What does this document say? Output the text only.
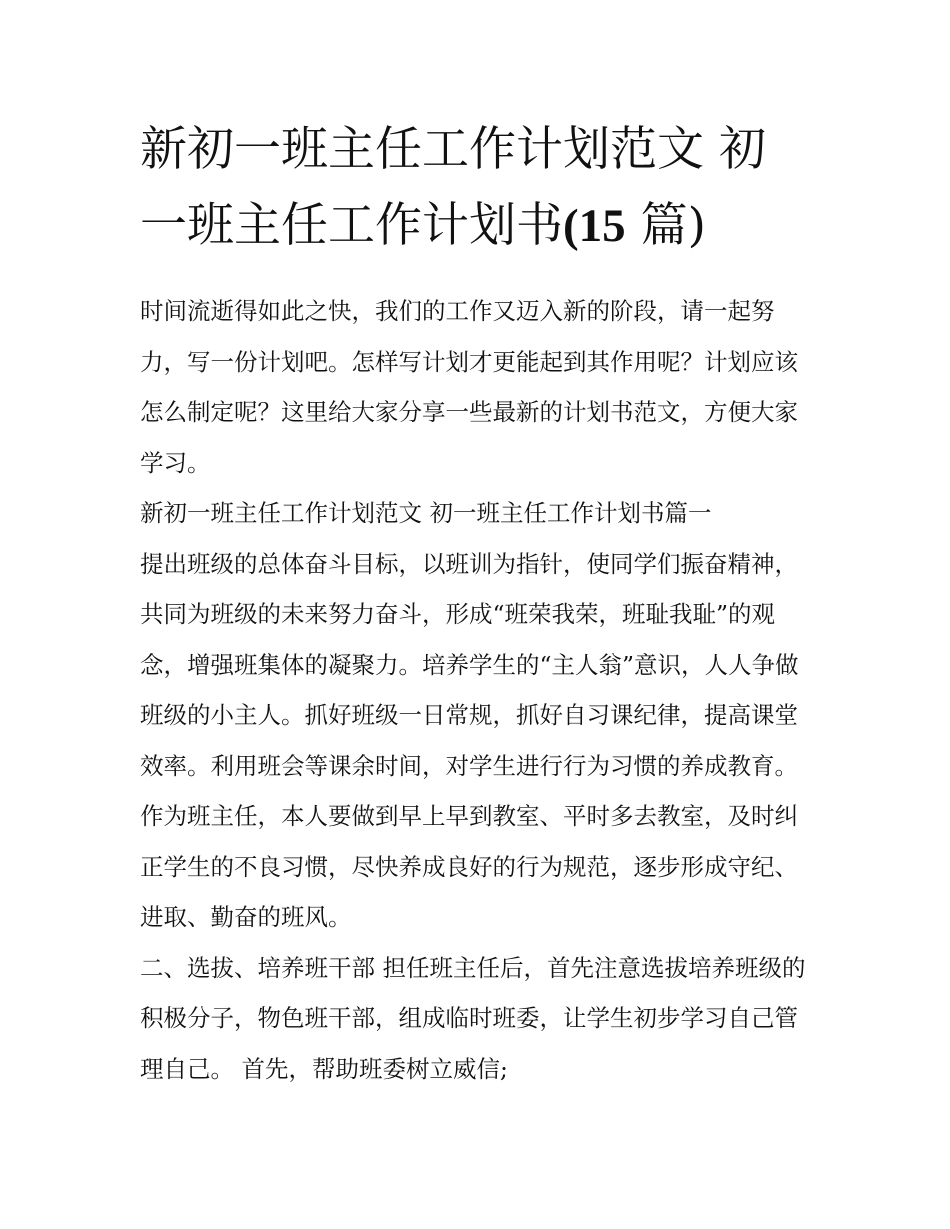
新初一班主任工作计划范文 初一班主任工作计划书(15 篇)

时间流逝得如此之快，我们的工作又迈入新的阶段，请一起努力，写一份计划吧。怎样写计划才更能起到其作用呢？计划应该怎么制定呢？这里给大家分享一些最新的计划书范文，方便大家学习。

新初一班主任工作计划范文 初一班主任工作计划书篇一

提出班级的总体奋斗目标，以班训为指针，使同学们振奋精神，共同为班级的未来努力奋斗，形成“班荣我荣，班耻我耻”的观念，增强班集体的凝聚力。培养学生的“主人翁”意识，人人争做班级的小主人。抓好班级一日常规，抓好自习课纪律，提高课堂效率。利用班会等课余时间，对学生进行行为习惯的养成教育。作为班主任，本人要做到早上早到教室、平时多去教室，及时纠正学生的不良习惯，尽快养成良好的行为规范，逐步形成守纪、进取、勤奋的班风。

二、选拔、培养班干部 担任班主任后，首先注意选拔培养班级的积极分子，物色班干部，组成临时班委，让学生初步学习自己管理自己。 首先，帮助班委树立威信;
